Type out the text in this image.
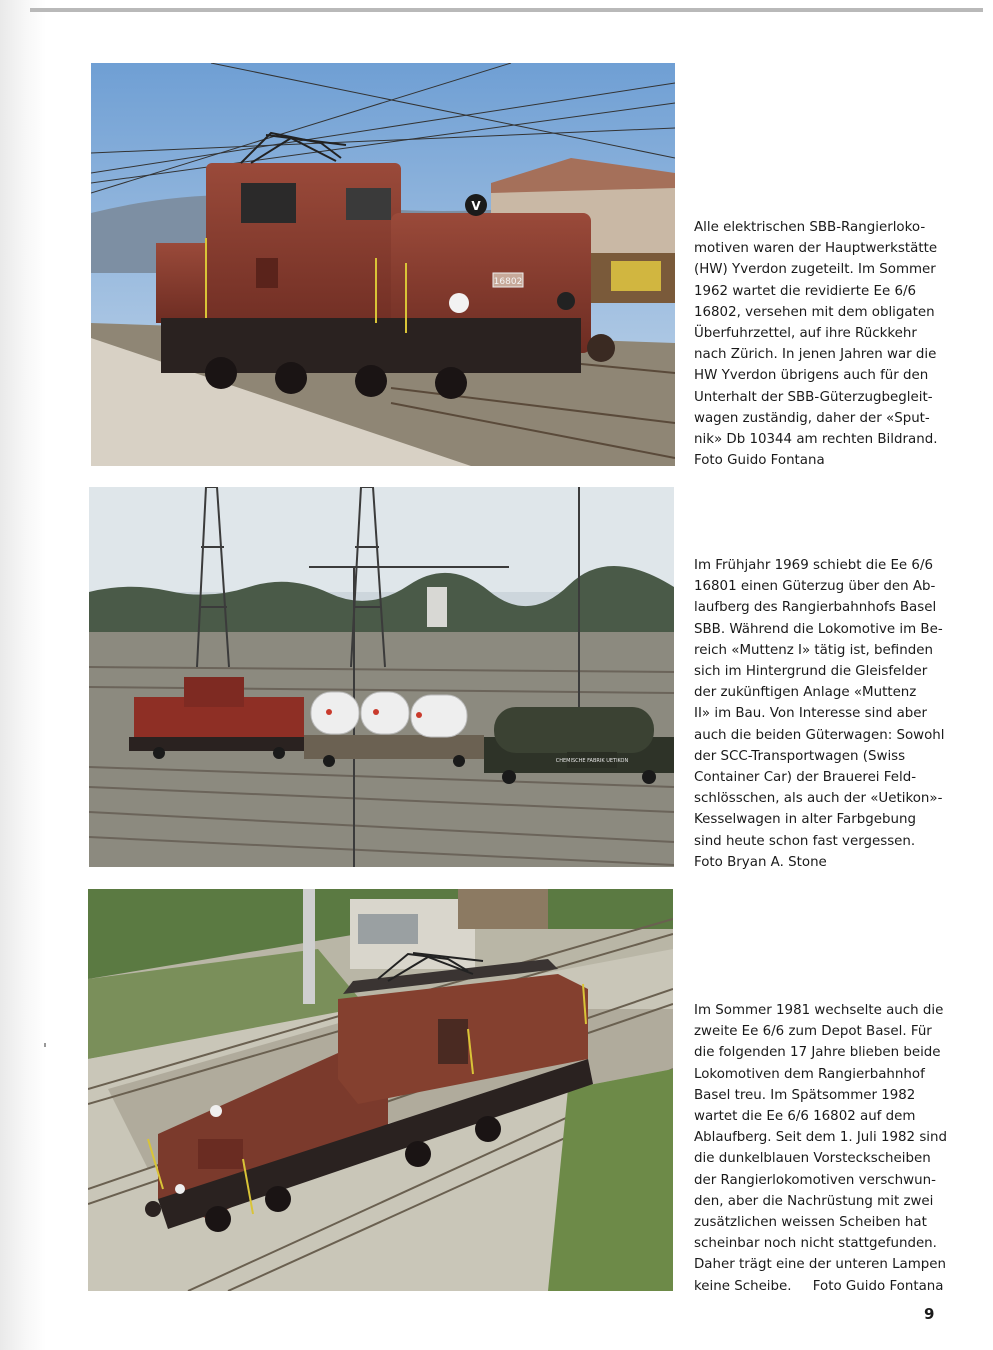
16802
V
Alle elektrischen SBB-Rangierloko-
motiven waren der Hauptwerkstätte
(HW) Yverdon zugeteilt. Im Sommer
1962 wartet die revidierte Ee 6/6
16802, versehen mit dem obligaten
Überfuhrzettel, auf ihre Rückkehr
nach Zürich. In jenen Jahren war die
HW Yverdon übrigens auch für den
Unterhalt der SBB-Güterzugbegleit-
wagen zuständig, daher der «Sput-
nik» Db 10344 am rechten Bildrand.
Foto Guido Fontana
CHEMISCHE FABRIK UETIKON
Im Frühjahr 1969 schiebt die Ee 6/6
16801 einen Güterzug über den Ab-
laufberg des Rangierbahnhofs Basel
SBB. Während die Lokomotive im Be-
reich «Muttenz I» tätig ist, befinden
sich im Hintergrund die Gleisfelder
der zukünftigen Anlage «Muttenz
II» im Bau. Von Interesse sind aber
auch die beiden Güterwagen: Sowohl
der SCC-Transportwagen (Swiss
Container Car) der Brauerei Feld-
schlösschen, als auch der «Uetikon»-
Kesselwagen in alter Farbgebung
sind heute schon fast vergessen.
Foto Bryan A. Stone
Im Sommer 1981 wechselte auch die
zweite Ee 6/6 zum Depot Basel. Für
die folgenden 17 Jahre blieben beide
Lokomotiven dem Rangierbahnhof
Basel treu. Im Spätsommer 1982
wartet die Ee 6/6 16802 auf dem
Ablaufberg. Seit dem 1. Juli 1982 sind
die dunkelblauen Vorsteckscheiben
der Rangierlokomotiven verschwun-
den, aber die Nachrüstung mit zwei
zusätzlichen weissen Scheiben hat
scheinbar noch nicht stattgefunden.
Daher trägt eine der unteren Lampen
keine Scheibe.     Foto Guido Fontana
9
